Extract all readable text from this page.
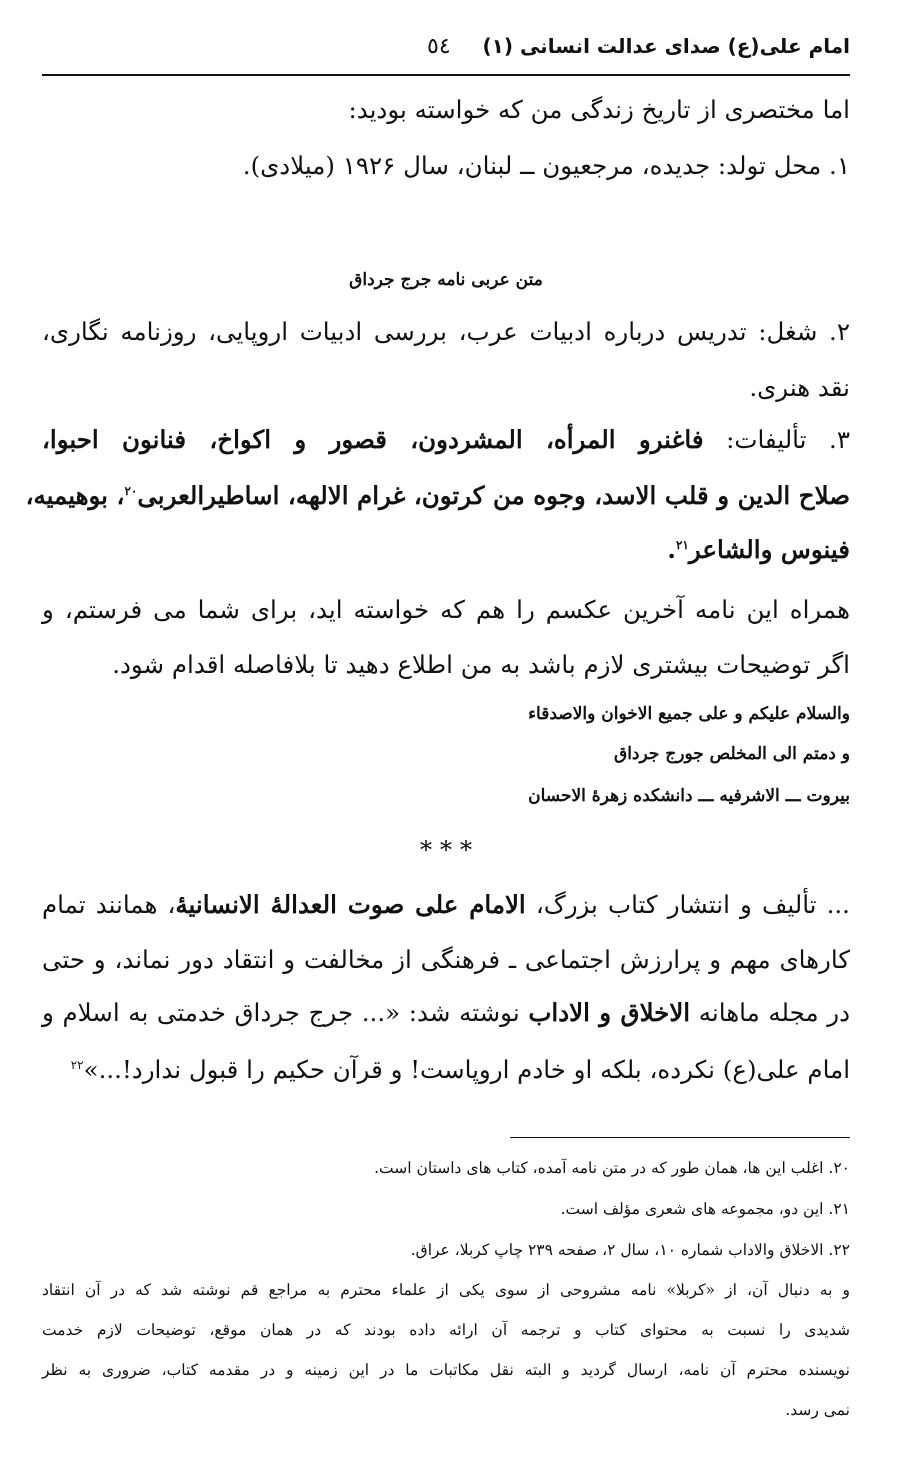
امام علی(ع) صدای عدالت انسانی (۱)
٥٤
اما مختصری از تاریخ زندگی من که خواسته بودید:
۱. محل تولد: جدیده، مرجعیون ــ لبنان، سال ۱۹۲۶ (میلادی).
متن عربی نامه جرج جرداق
۲. شغل: تدریس درباره ادبیات عرب، بررسی ادبیات اروپایی، روزنامه نگاری،
نقد هنری.
۳. تألیفات: فاغنرو المرأه، المشردون، قصور و اکواخ، فنانون احبوا،
صلاح الدین و قلب الاسد، وجوه من کرتون، غرام الالهه، اساطیرالعربی$^{۲۰}$، بوهیمیه،
فینوس والشاعر$^{۲۱}$.
همراه این نامه آخرین عکسم را هم که خواسته اید، برای شما می فرستم، و
اگر توضیحات بیشتری لازم باشد به من اطلاع دهید تا بلافاصله اقدام شود.
والسلام علیکم و علی جمیع الاخوان والاصدقاء
و دمتم الی المخلص جورج جرداق
بیروت ـــ الاشرفیه ـــ دانشکده زهرهٔ الاحسان
* * *
... تألیف و انتشار کتاب بزرگ، الامام علی صوت العدالهٔ الانسانیهٔ، همانند تمام
کارهای مهم و پرارزش اجتماعی ـ فرهنگی از مخالفت و انتقاد دور نماند، و حتی
در مجله ماهانه الاخلاق و الاداب نوشته شد: «... جرج جرداق خدمتی به اسلام و
امام علی(ع) نکرده، بلکه او خادم اروپاست! و قرآن حکیم را قبول ندارد!...»$^{۲۲}$
۲۰. اغلب این ها، همان طور که در متن نامه آمده، کتاب های داستان است.
۲۱. این دو، مجموعه های شعری مؤلف است.
۲۲. الاخلاق والاداب شماره ۱۰، سال ۲، صفحه ۲۳۹ چاپ کربلا، عراق.
و به دنبال آن، از «کربلا» نامه مشروحی از سوی یکی از علماء محترم به مراجع قم نوشته شد که در آن انتقاد
شدیدی را نسبت به محتوای کتاب و ترجمه آن ارائه داده بودند که در همان موقع، توضیحات لازم خدمت
نویسنده محترم آن نامه، ارسال گردید و البته نقل مکاتبات ما در این زمینه و در مقدمه کتاب، ضروری به نظر
نمی رسد.
